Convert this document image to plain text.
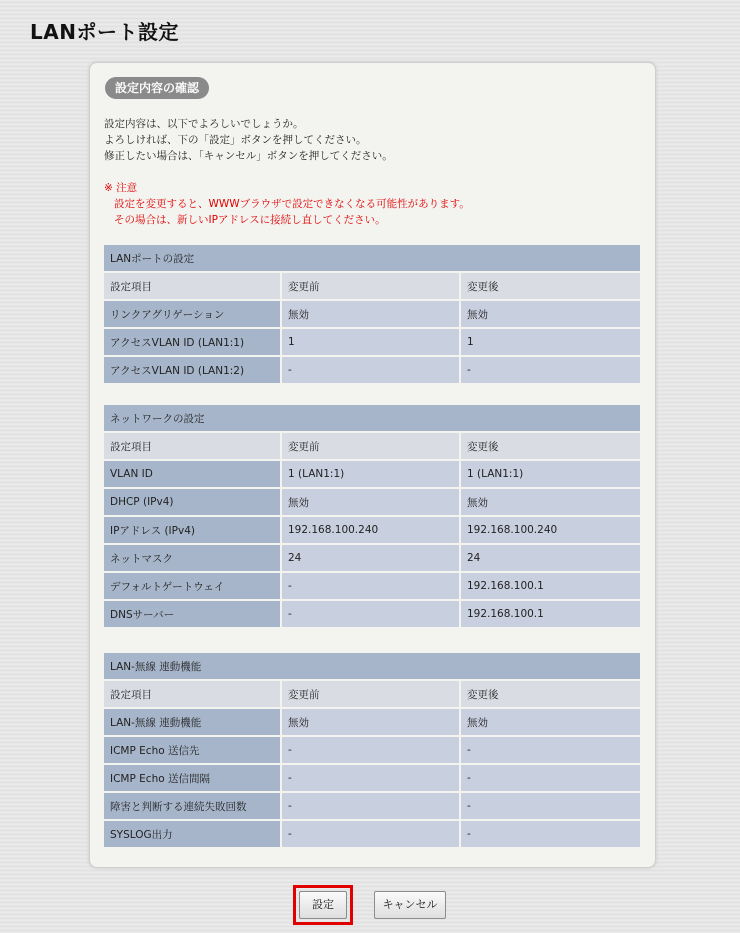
LANポート設定
設定内容の確認
設定内容は、以下でよろしいでしょうか。
よろしければ、下の「設定」ボタンを押してください。
修正したい場合は、「キャンセル」ボタンを押してください。
※ 注意
設定を変更すると、WWWブラウザで設定できなくなる可能性があります。
その場合は、新しいIPアドレスに接続し直してください。
LANポートの設定		
設定項目	変更前	変更後
リンクアグリゲーション	無効	無効
アクセスVLAN ID (LAN1:1)	1	1
アクセスVLAN ID (LAN1:2)	-	-
ネットワークの設定		
設定項目	変更前	変更後
VLAN ID	1 (LAN1:1)	1 (LAN1:1)
DHCP (IPv4)	無効	無効
IPアドレス (IPv4)	192.168.100.240	192.168.100.240
ネットマスク	24	24
デフォルトゲートウェイ	-	192.168.100.1
DNSサーバー	-	192.168.100.1
LAN-無線 連動機能		
設定項目	変更前	変更後
LAN-無線 連動機能	無効	無効
ICMP Echo 送信先	-	-
ICMP Echo 送信間隔	-	-
障害と判断する連続失敗回数	-	-
SYSLOG出力	-	-
設定	キャンセル
